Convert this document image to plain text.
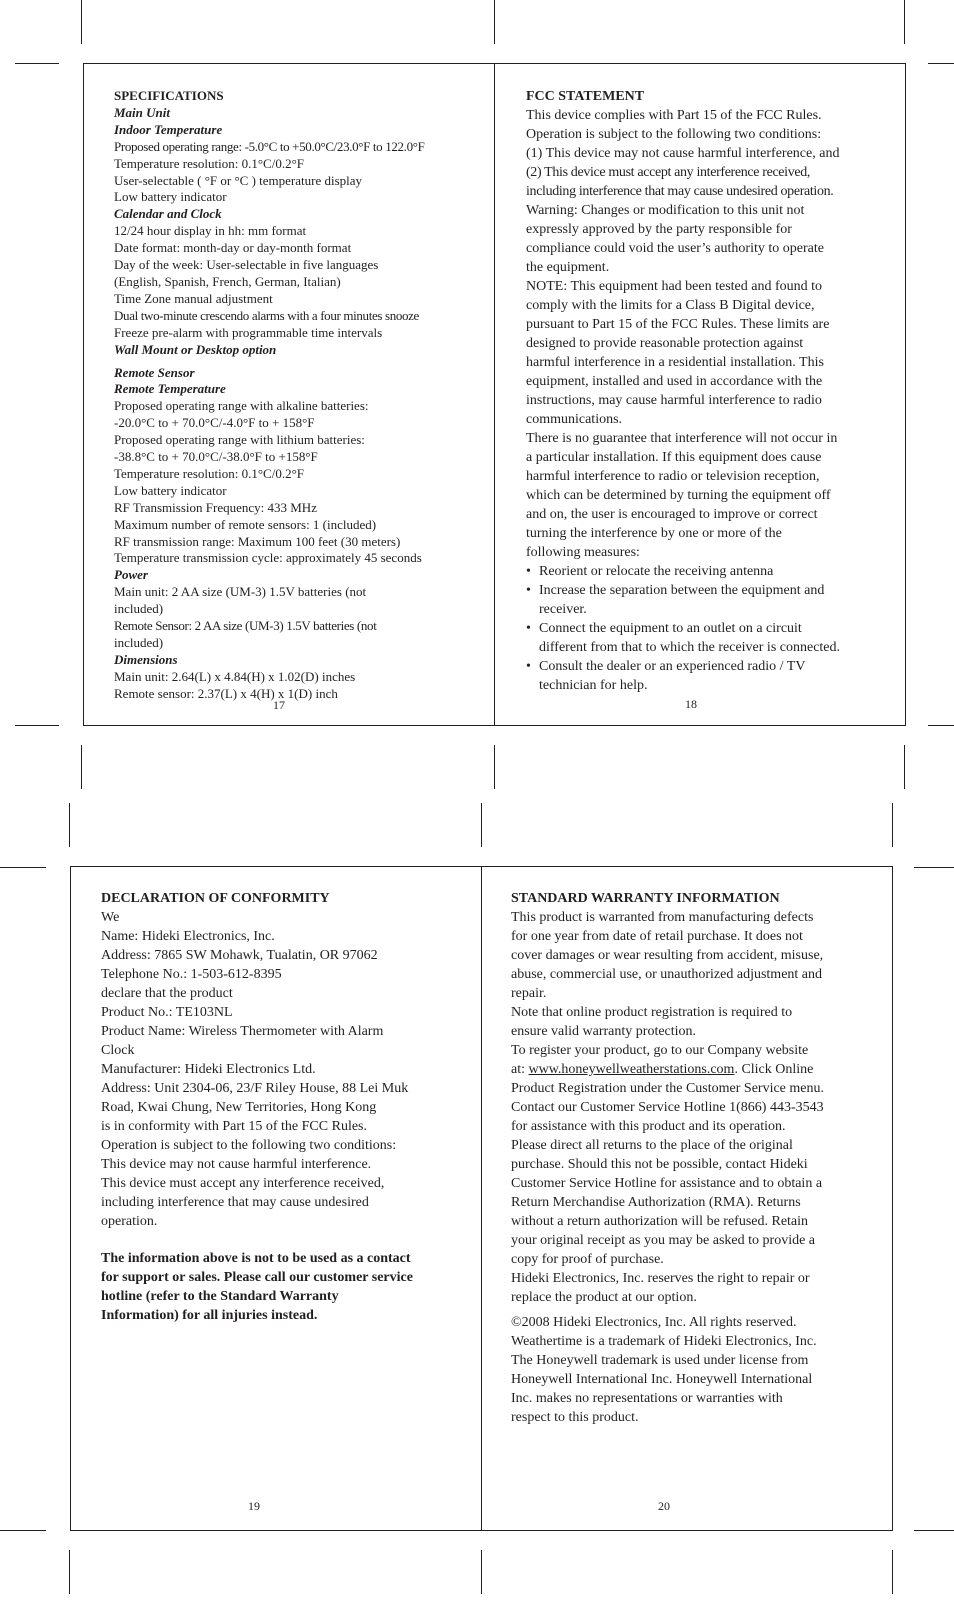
SPECIFICATIONS
Main Unit
Indoor Temperature
Proposed operating range: -5.0°C to +50.0°C/23.0°F to 122.0°F
Temperature resolution: 0.1°C/0.2°F
User-selectable ( °F or °C ) temperature display
Low battery indicator
Calendar and Clock
12/24 hour display in hh: mm format
Date format: month-day or day-month format
Day of the week: User-selectable in five languages
(English, Spanish, French, German, Italian)
Time Zone manual adjustment
Dual two-minute crescendo alarms with a four minutes snooze
Freeze pre-alarm with programmable time intervals
Wall Mount or Desktop option
Remote Sensor
Remote Temperature
Proposed operating range with alkaline batteries:
-20.0°C to + 70.0°C/-4.0°F to + 158°F
Proposed operating range with lithium batteries:
-38.8°C to + 70.0°C/-38.0°F to +158°F
Temperature resolution: 0.1°C/0.2°F
Low battery indicator
RF Transmission Frequency: 433 MHz
Maximum number of remote sensors: 1 (included)
RF transmission range: Maximum 100 feet (30 meters)
Temperature transmission cycle: approximately 45 seconds
Power
Main unit: 2 AA size (UM-3) 1.5V batteries (not
included)
Remote Sensor: 2 AA size (UM-3) 1.5V batteries (not
included)
Dimensions
Main unit: 2.64(L) x 4.84(H) x 1.02(D) inches
Remote sensor: 2.37(L) x 4(H) x 1(D) inch
17
FCC STATEMENT
This device complies with Part 15 of the FCC Rules.
Operation is subject to the following two conditions:
(1) This device may not cause harmful interference, and
(2) This device must accept any interference received,
including interference that may cause undesired operation.
Warning: Changes or modification to this unit not
expressly approved by the party responsible for
compliance could void the user’s authority to operate
the equipment.
NOTE: This equipment had been tested and found to
comply with the limits for a Class B Digital device,
pursuant to Part 15 of the FCC Rules. These limits are
designed to provide reasonable protection against
harmful interference in a residential installation. This
equipment, installed and used in accordance with the
instructions, may cause harmful interference to radio
communications.
There is no guarantee that interference will not occur in
a particular installation. If this equipment does cause
harmful interference to radio or television reception,
which can be determined by turning the equipment off
and on, the user is encouraged to improve or correct
turning the interference by one or more of the
following measures:
• Reorient or relocate the receiving antenna
• Increase the separation between the equipment and
receiver.
• Connect the equipment to an outlet on a circuit
different from that to which the receiver is connected.
• Consult the dealer or an experienced radio / TV
technician for help.
18
DECLARATION OF CONFORMITY
We
Name: Hideki Electronics, Inc.
Address: 7865 SW Mohawk, Tualatin, OR 97062
Telephone No.: 1-503-612-8395
declare that the product
Product No.: TE103NL
Product Name: Wireless Thermometer with Alarm
Clock
Manufacturer: Hideki Electronics Ltd.
Address: Unit 2304-06, 23/F Riley House, 88 Lei Muk
Road, Kwai Chung, New Territories, Hong Kong
is in conformity with Part 15 of the FCC Rules.
Operation is subject to the following two conditions:
This device may not cause harmful interference.
This device must accept any interference received,
including interference that may cause undesired
operation.
The information above is not to be used as a contact
for support or sales. Please call our customer service
hotline (refer to the Standard Warranty
Information) for all injuries instead.
19
STANDARD WARRANTY INFORMATION
This product is warranted from manufacturing defects
for one year from date of retail purchase. It does not
cover damages or wear resulting from accident, misuse,
abuse, commercial use, or unauthorized adjustment and
repair.
Note that online product registration is required to
ensure valid warranty protection.
To register your product, go to our Company website
at: www.honeywellweatherstations.com. Click Online
Product Registration under the Customer Service menu.
Contact our Customer Service Hotline 1(866) 443-3543
for assistance with this product and its operation.
Please direct all returns to the place of the original
purchase. Should this not be possible, contact Hideki
Customer Service Hotline for assistance and to obtain a
Return Merchandise Authorization (RMA). Returns
without a return authorization will be refused. Retain
your original receipt as you may be asked to provide a
copy for proof of purchase.
Hideki Electronics, Inc. reserves the right to repair or
replace the product at our option.
©2008 Hideki Electronics, Inc. All rights reserved.
Weathertime is a trademark of Hideki Electronics, Inc.
The Honeywell trademark is used under license from
Honeywell International Inc. Honeywell International
Inc. makes no representations or warranties with
respect to this product.
20
